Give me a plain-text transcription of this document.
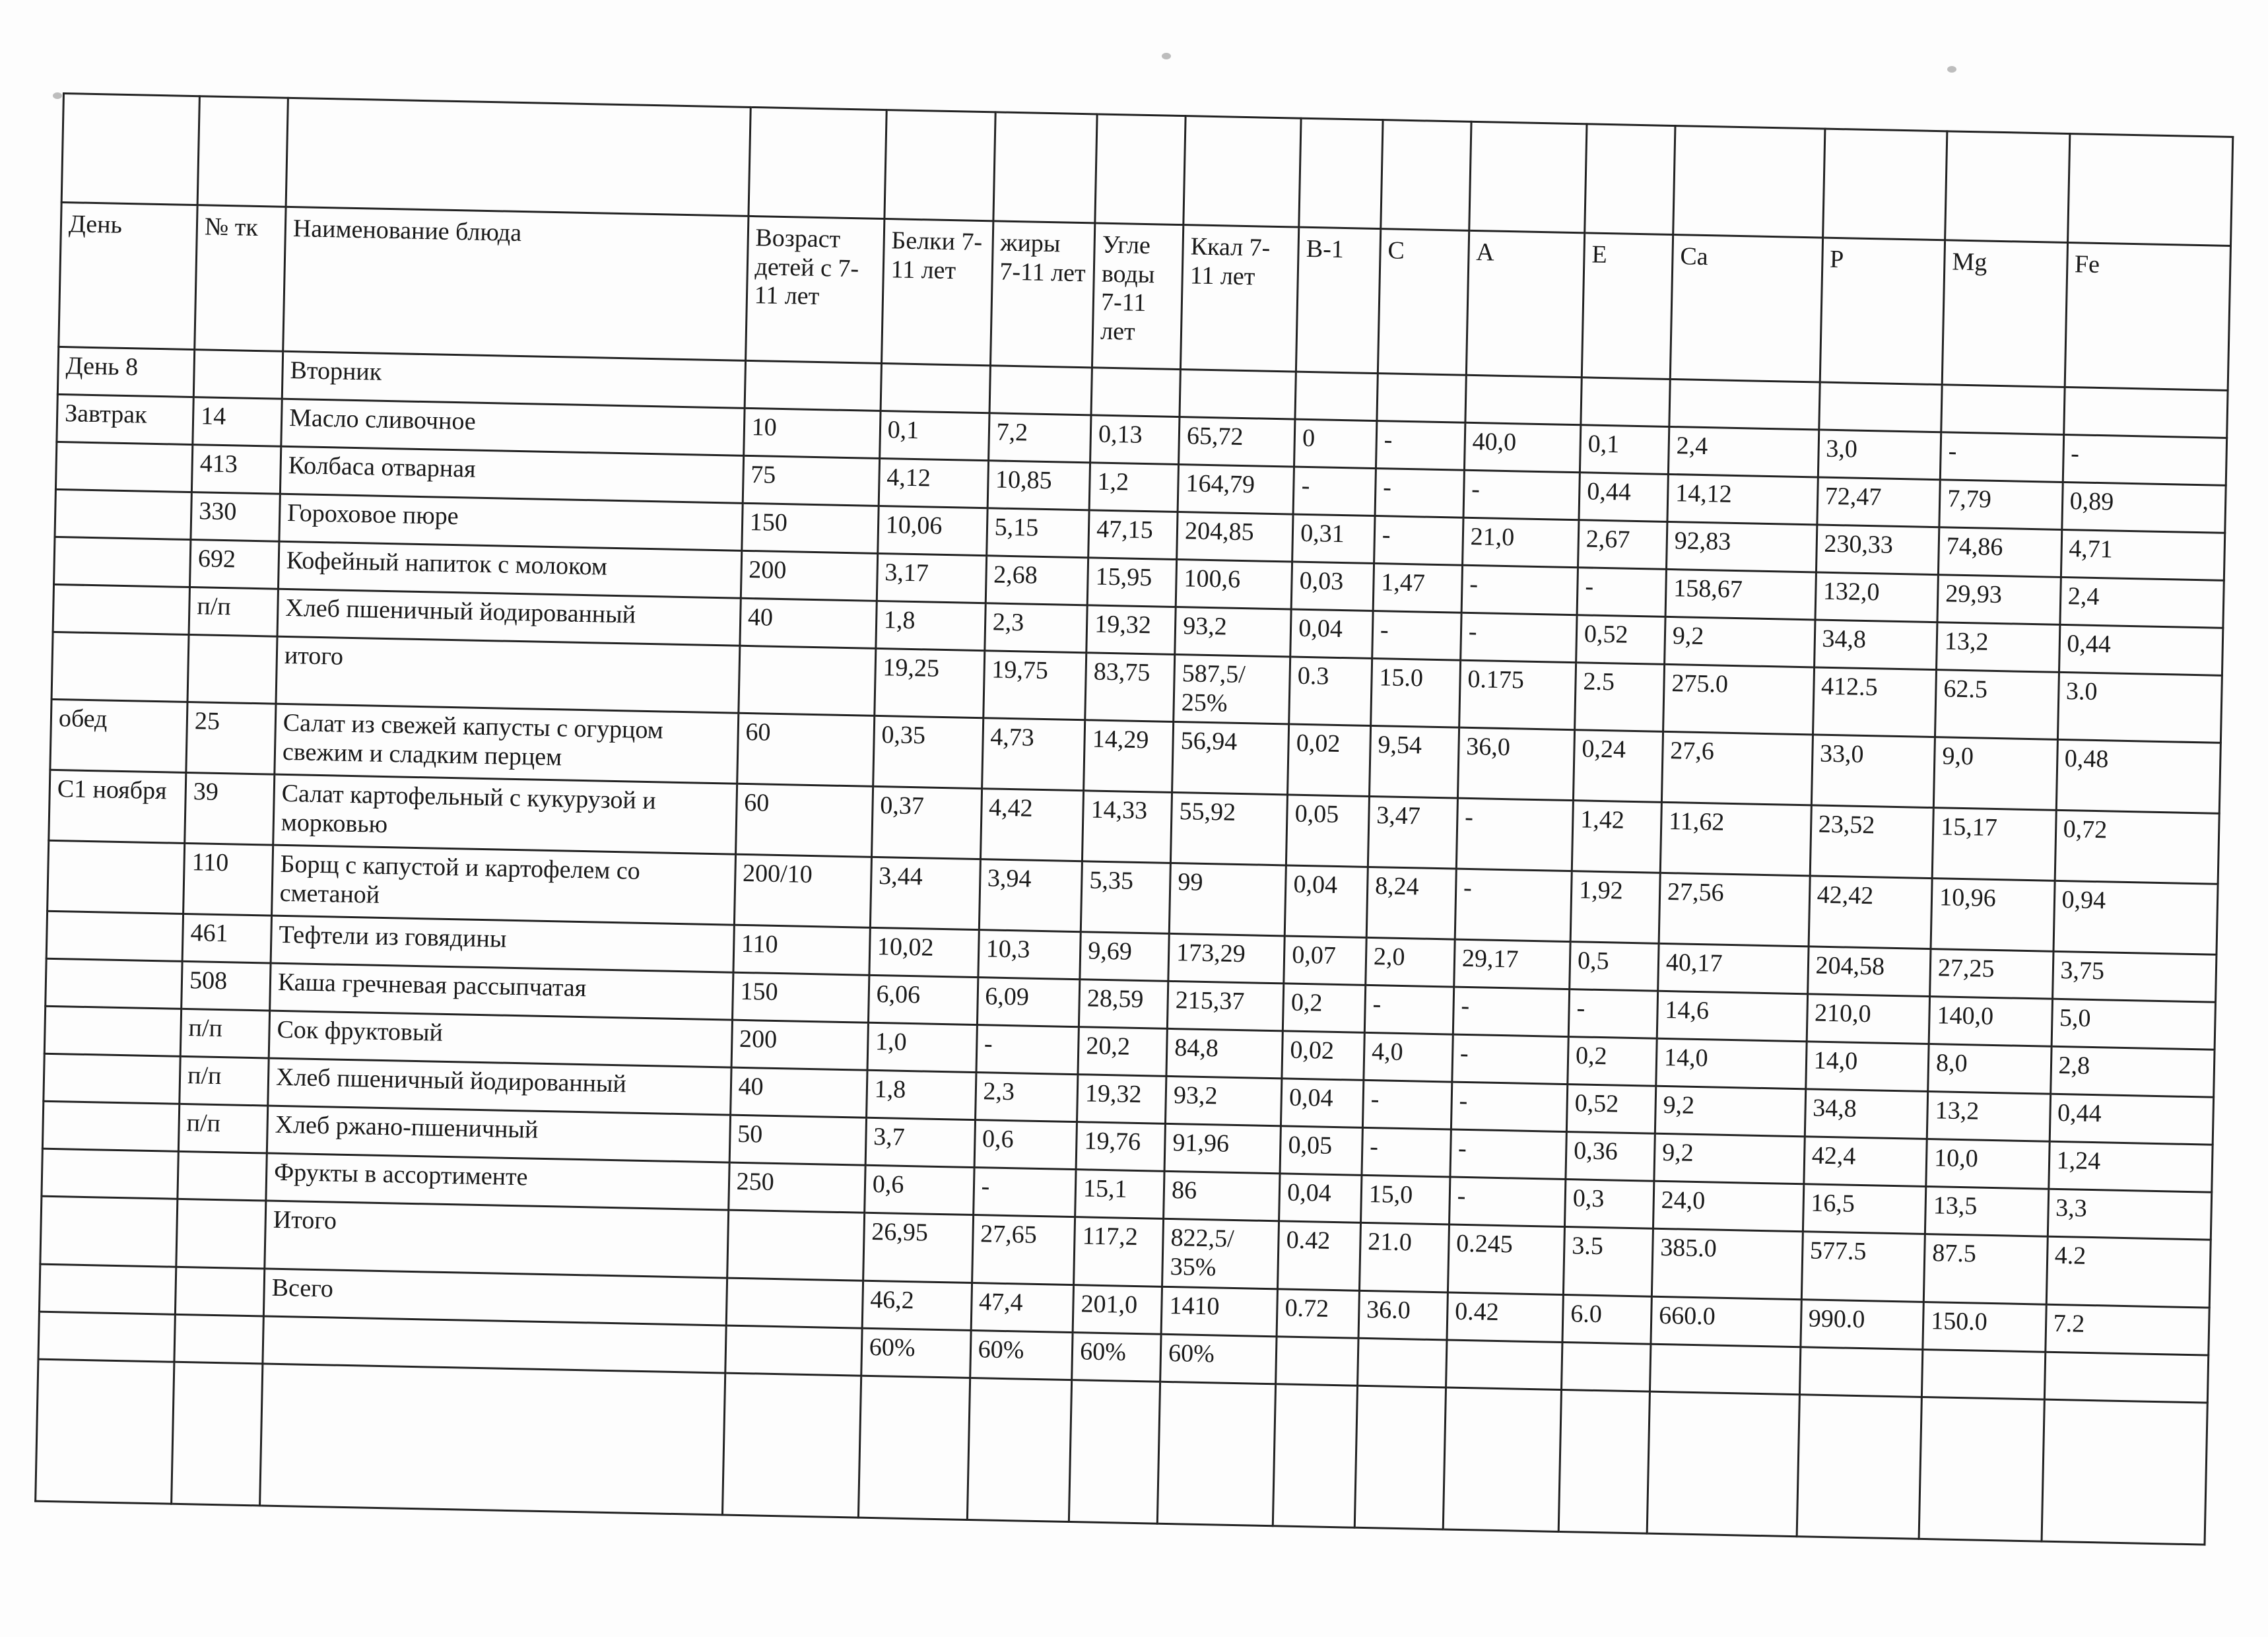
День	№ тк	Наименование блюда	Возраст детей с 7-11 лет	Белки 7-11 лет	жиры 7-11 лет	Угле воды 7-11 лет	Ккал 7-11 лет	В-1	С	А	Е	Са	Р	Mg	Fe
День 8		Вторник													
Завтрак	14	Масло сливочное	10	0,1	7,2	0,13	65,72	0	-	40,0	0,1	2,4	3,0	-	-
	413	Колбаса отварная	75	4,12	10,85	1,2	164,79	-	-	-	0,44	14,12	72,47	7,79	0,89
	330	Гороховое пюре	150	10,06	5,15	47,15	204,85	0,31	-	21,0	2,67	92,83	230,33	74,86	4,71
	692	Кофейный напиток с молоком	200	3,17	2,68	15,95	100,6	0,03	1,47	-	-	158,67	132,0	29,93	2,4
	п/п	Хлеб пшеничный йодированный	40	1,8	2,3	19,32	93,2	0,04	-	-	0,52	9,2	34,8	13,2	0,44
		итого		19,25	19,75	83,75	587,5/ 25%	0.3	15.0	0.175	2.5	275.0	412.5	62.5	3.0
обед	25	Салат из свежей капусты с огурцом свежим и сладким перцем	60	0,35	4,73	14,29	56,94	0,02	9,54	36,0	0,24	27,6	33,0	9,0	0,48
С1 ноября	39	Салат картофельный с кукурузой и морковью	60	0,37	4,42	14,33	55,92	0,05	3,47	-	1,42	11,62	23,52	15,17	0,72
	110	Борщ с капустой и картофелем со сметаной	200/10	3,44	3,94	5,35	99	0,04	8,24	-	1,92	27,56	42,42	10,96	0,94
	461	Тефтели из говядины	110	10,02	10,3	9,69	173,29	0,07	2,0	29,17	0,5	40,17	204,58	27,25	3,75
	508	Каша гречневая рассыпчатая	150	6,06	6,09	28,59	215,37	0,2	-	-	-	14,6	210,0	140,0	5,0
	п/п	Сок фруктовый	200	1,0	-	20,2	84,8	0,02	4,0	-	0,2	14,0	14,0	8,0	2,8
	п/п	Хлеб пшеничный йодированный	40	1,8	2,3	19,32	93,2	0,04	-	-	0,52	9,2	34,8	13,2	0,44
	п/п	Хлеб ржано-пшеничный	50	3,7	0,6	19,76	91,96	0,05	-	-	0,36	9,2	42,4	10,0	1,24
		Фрукты в ассортименте	250	0,6	-	15,1	86	0,04	15,0	-	0,3	24,0	16,5	13,5	3,3
		Итого		26,95	27,65	117,2	822,5/ 35%	0.42	21.0	0.245	3.5	385.0	577.5	87.5	4.2
		Всего		46,2	47,4	201,0	1410	0.72	36.0	0.42	6.0	660.0	990.0	150.0	7.2
				60%	60%	60%	60%								
